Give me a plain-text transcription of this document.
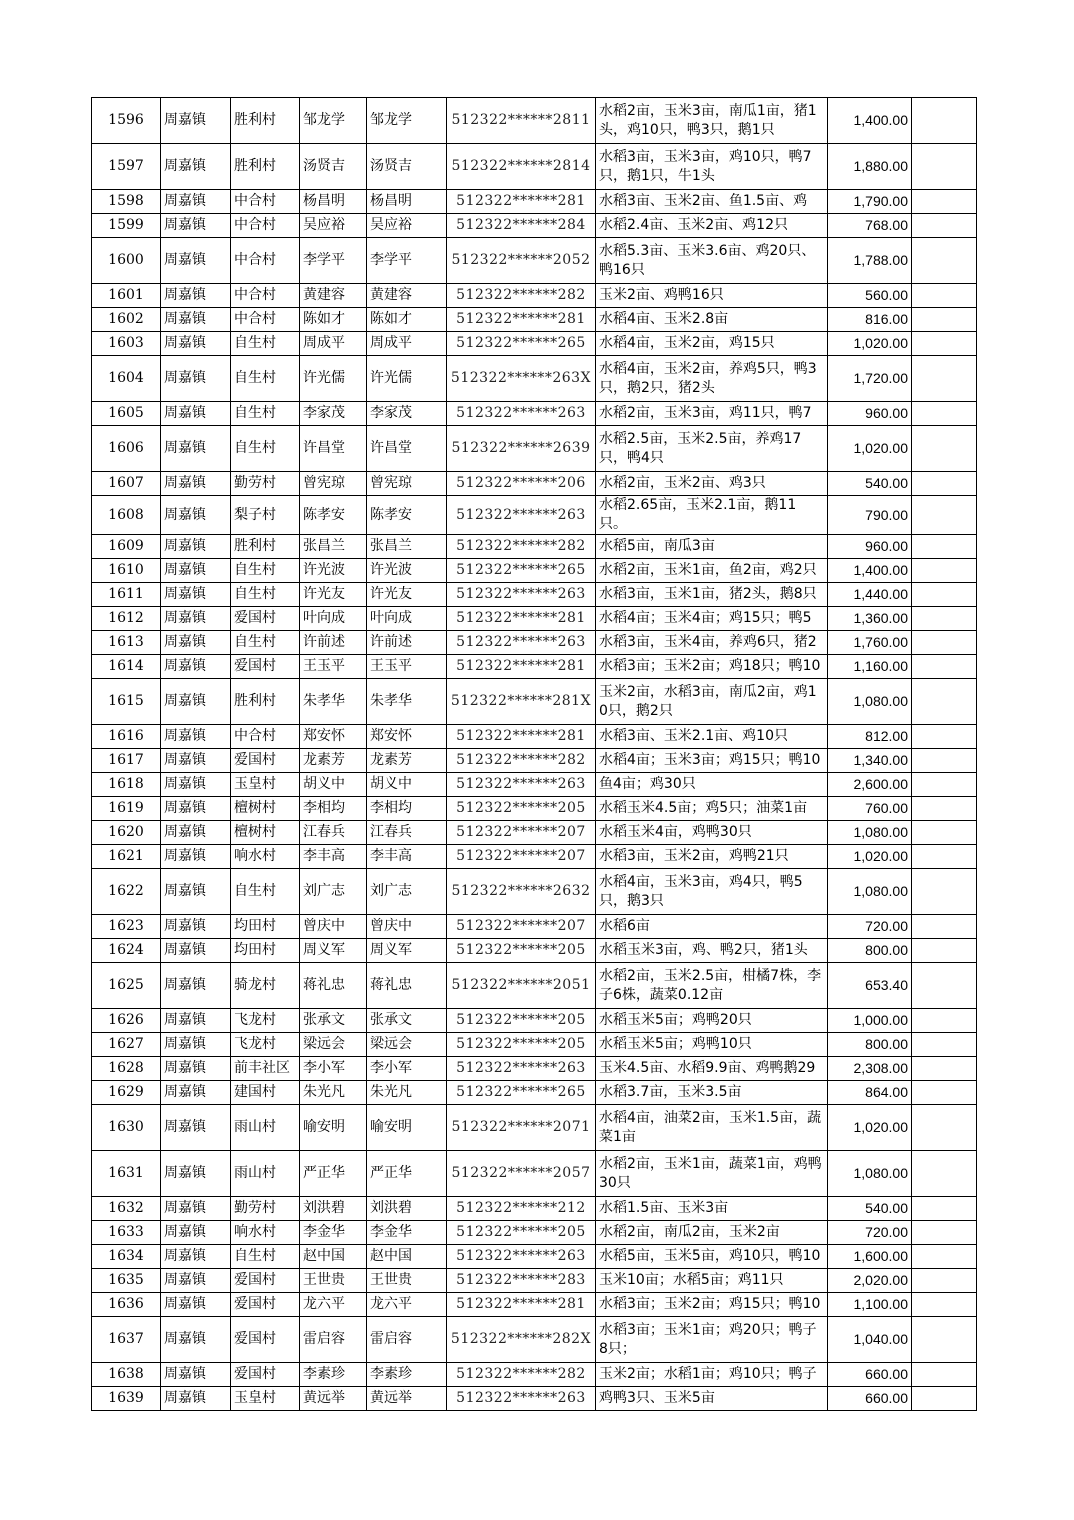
1596	周嘉镇	胜利村	邹龙学	邹龙学	512322******2811	水稻2亩，玉米3亩，南瓜1亩，猪1头，鸡10只，鸭3只，鹅1只	1,400.00	
1597	周嘉镇	胜利村	汤贤吉	汤贤吉	512322******2814	水稻3亩，玉米3亩，鸡10只，鸭7只，鹅1只，牛1头	1,880.00	
1598	周嘉镇	中合村	杨昌明	杨昌明	512322******281	水稻3亩、玉米2亩、鱼1.5亩、鸡	1,790.00	
1599	周嘉镇	中合村	吴应裕	吴应裕	512322******284	水稻2.4亩、玉米2亩、鸡12只	768.00	
1600	周嘉镇	中合村	李学平	李学平	512322******2052	水稻5.3亩、玉米3.6亩、鸡20只、鸭16只	1,788.00	
1601	周嘉镇	中合村	黄建容	黄建容	512322******282	玉米2亩、鸡鸭16只	560.00	
1602	周嘉镇	中合村	陈如才	陈如才	512322******281	水稻4亩、玉米2.8亩	816.00	
1603	周嘉镇	自生村	周成平	周成平	512322******265	水稻4亩，玉米2亩，鸡15只	1,020.00	
1604	周嘉镇	自生村	许光儒	许光儒	512322******263X	水稻4亩，玉米2亩，养鸡5只，鸭3只，鹅2只，猪2头	1,720.00	
1605	周嘉镇	自生村	李家茂	李家茂	512322******263	水稻2亩，玉米3亩，鸡11只，鸭7	960.00	
1606	周嘉镇	自生村	许昌堂	许昌堂	512322******2639	水稻2.5亩，玉米2.5亩，养鸡17只，鸭4只	1,020.00	
1607	周嘉镇	勤劳村	曾宪琼	曾宪琼	512322******206	水稻2亩，玉米2亩、鸡3只	540.00	
1608	周嘉镇	梨子村	陈孝安	陈孝安	512322******263	水稻2.65亩，玉米2.1亩，鹅11只。	790.00	
1609	周嘉镇	胜利村	张昌兰	张昌兰	512322******282	水稻5亩，南瓜3亩	960.00	
1610	周嘉镇	自生村	许光波	许光波	512322******265	水稻2亩，玉米1亩，鱼2亩，鸡2只	1,400.00	
1611	周嘉镇	自生村	许光友	许光友	512322******263	水稻3亩，玉米1亩，猪2头，鹅8只	1,440.00	
1612	周嘉镇	爱国村	叶向成	叶向成	512322******281	水稻4亩；玉米4亩；鸡15只；鸭5	1,360.00	
1613	周嘉镇	自生村	许前述	许前述	512322******263	水稻3亩，玉米4亩，养鸡6只，猪2	1,760.00	
1614	周嘉镇	爱国村	王玉平	王玉平	512322******281	水稻3亩；玉米2亩；鸡18只；鸭10	1,160.00	
1615	周嘉镇	胜利村	朱孝华	朱孝华	512322******281X	玉米2亩，水稻3亩，南瓜2亩，鸡10只，鹅2只	1,080.00	
1616	周嘉镇	中合村	郑安怀	郑安怀	512322******281	水稻3亩、玉米2.1亩、鸡10只	812.00	
1617	周嘉镇	爱国村	龙素芳	龙素芳	512322******282	水稻4亩；玉米3亩；鸡15只；鸭10	1,340.00	
1618	周嘉镇	玉皇村	胡义中	胡义中	512322******263	鱼4亩；鸡30只	2,600.00	
1619	周嘉镇	檀树村	李相均	李相均	512322******205	水稻玉米4.5亩；鸡5只；油菜1亩	760.00	
1620	周嘉镇	檀树村	江春兵	江春兵	512322******207	水稻玉米4亩，鸡鸭30只	1,080.00	
1621	周嘉镇	响水村	李丰高	李丰高	512322******207	水稻3亩，玉米2亩，鸡鸭21只	1,020.00	
1622	周嘉镇	自生村	刘广志	刘广志	512322******2632	水稻4亩，玉米3亩，鸡4只，鸭5只，鹅3只	1,080.00	
1623	周嘉镇	均田村	曾庆中	曾庆中	512322******207	水稻6亩	720.00	
1624	周嘉镇	均田村	周义军	周义军	512322******205	水稻玉米3亩，鸡、鸭2只，猪1头	800.00	
1625	周嘉镇	骑龙村	蒋礼忠	蒋礼忠	512322******2051	水稻2亩，玉米2.5亩，柑橘7株，李子6株，蔬菜0.12亩	653.40	
1626	周嘉镇	飞龙村	张承文	张承文	512322******205	水稻玉米5亩；鸡鸭20只	1,000.00	
1627	周嘉镇	飞龙村	梁远会	梁远会	512322******205	水稻玉米5亩；鸡鸭10只	800.00	
1628	周嘉镇	前丰社区	李小军	李小军	512322******263	玉米4.5亩、水稻9.9亩、鸡鸭鹅29	2,308.00	
1629	周嘉镇	建国村	朱光凡	朱光凡	512322******265	水稻3.7亩，玉米3.5亩	864.00	
1630	周嘉镇	雨山村	喻安明	喻安明	512322******2071	水稻4亩，油菜2亩，玉米1.5亩，蔬菜1亩	1,020.00	
1631	周嘉镇	雨山村	严正华	严正华	512322******2057	水稻2亩，玉米1亩，蔬菜1亩，鸡鸭30只	1,080.00	
1632	周嘉镇	勤劳村	刘洪碧	刘洪碧	512322******212	水稻1.5亩、玉米3亩	540.00	
1633	周嘉镇	响水村	李金华	李金华	512322******205	水稻2亩，南瓜2亩，玉米2亩	720.00	
1634	周嘉镇	自生村	赵中国	赵中国	512322******263	水稻5亩，玉米5亩，鸡10只，鸭10	1,600.00	
1635	周嘉镇	爱国村	王世贵	王世贵	512322******283	玉米10亩；水稻5亩；鸡11只	2,020.00	
1636	周嘉镇	爱国村	龙六平	龙六平	512322******281	水稻3亩；玉米2亩；鸡15只；鸭10	1,100.00	
1637	周嘉镇	爱国村	雷启容	雷启容	512322******282X	水稻3亩；玉米1亩；鸡20只；鸭子8只；	1,040.00	
1638	周嘉镇	爱国村	李素珍	李素珍	512322******282	玉米2亩；水稻1亩；鸡10只；鸭子	660.00	
1639	周嘉镇	玉皇村	黄远举	黄远举	512322******263	鸡鸭3只、玉米5亩	660.00	
